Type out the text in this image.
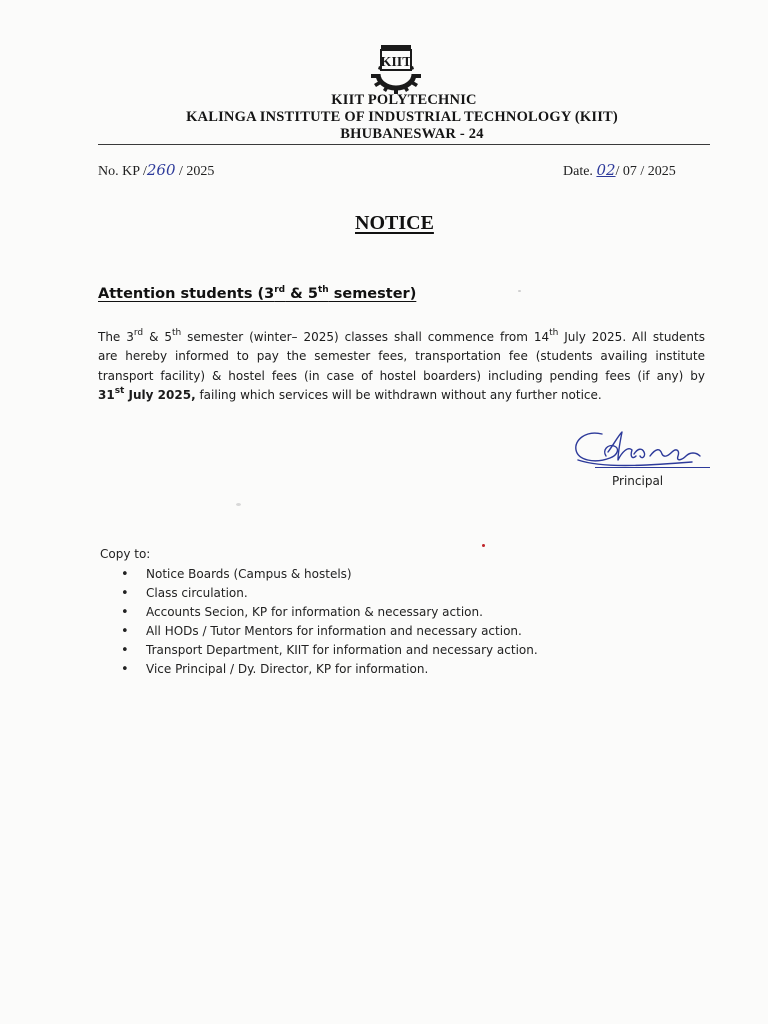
KIIT
KIIT POLYTECHNIC
KALINGA INSTITUTE OF INDUSTRIAL TECHNOLOGY (KIIT)
BHUBANESWAR - 24
No. KP /260 / 2025	Date. 02/ 07 / 2025
NOTICE
Attention students (3rd & 5th semester)
The 3rd & 5th semester (winter– 2025) classes shall commence from 14th July 2025. All students
are hereby informed to pay the semester fees, transportation fee (students availing institute
transport facility) & hostel fees (in case of hostel boarders) including pending fees (if any) by
31st July 2025, failing which services will be withdrawn without any further notice.
Principal
Copy to:
• Notice Boards (Campus & hostels)
• Class circulation.
• Accounts Secion, KP for information & necessary action.
• All HODs / Tutor Mentors for information and necessary action.
• Transport Department, KIIT for information and necessary action.
• Vice Principal / Dy. Director, KP for information.
